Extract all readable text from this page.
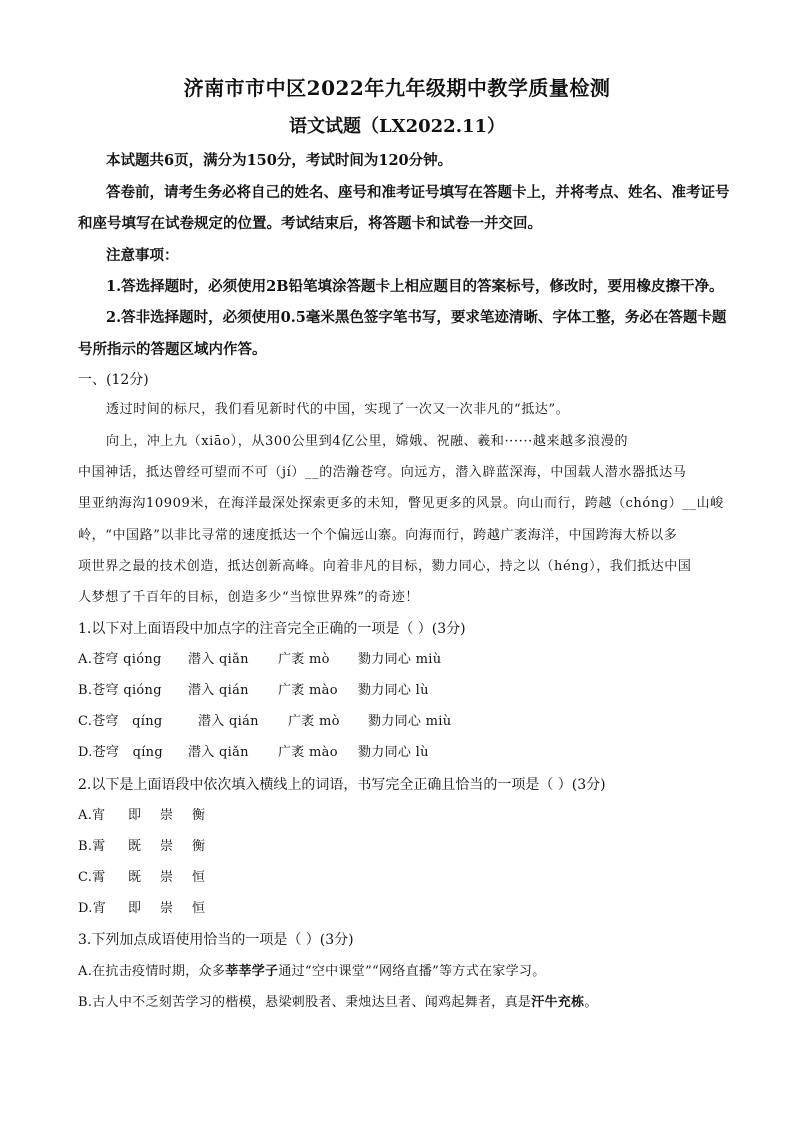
济南市市中区2022年九年级期中教学质量检测
语文试题（LX2022.11）
本试题共6页，满分为150分，考试时间为120分钟。
答卷前，请考生务必将自己的姓名、座号和准考证号填写在答题卡上，并将考点、姓名、准考证号
和座号填写在试卷规定的位置。考试结束后，将答题卡和试卷一并交回。
注意事项：
1.答选择题时，必须使用2B铅笔填涂答题卡上相应题目的答案标号，修改时，要用橡皮擦干净。
2.答非选择题时，必须使用0.5毫米黑色签字笔书写，要求笔迹清晰、字体工整，务必在答题卡题
号所指示的答题区域内作答。
一、(12分)
透过时间的标尺，我们看见新时代的中国，实现了一次又一次非凡的“抵达”。
向上，冲上九（xiāo），从300公里到4亿公里，嫦娥、祝融、羲和······越来越多浪漫的
中国神话，抵达曾经可望而不可（jí）__的浩瀚苍穹。向远方，潜入辟蓝深海，中国载人潜水器抵达马
里亚纳海沟10909米，在海洋最深处探索更多的未知，瞥见更多的风景。向山而行，跨越（chóng）__山峻
岭，“中国路”以非比寻常的速度抵达一个个偏远山寨。向海而行，跨越广袤海洋，中国跨海大桥以多
项世界之最的技术创造，抵达创新高峰。向着非凡的目标，勠力同心，持之以（héng），我们抵达中国
人梦想了千百年的目标，创造多少“当惊世界殊”的奇迹！
1.以下对上面语段中加点字的注音完全正确的一项是（ ）(3分)
A.苍穹 qióng 潜入 qiǎn 广袤 mò 勠力同心 miù
B.苍穹 qióng 潜入 qián 广袤 mào 勠力同心 lù
C.苍穹　qíng	潜入 qián 广袤 mò 勠力同心 miù
D.苍穹　qíng 潜入 qiǎn 广袤 mào 勠力同心 lù
2.以下是上面语段中依次填入横线上的词语，书写完全正确且恰当的一项是（ ）(3分)
A.宵 即 崇 衡
B.霄 既 崇 衡
C.霄 既 崇 恒
D.宵 即 崇 恒
3.下列加点成语使用恰当的一项是（ ）(3分)
A.在抗击疫情时期，众多莘莘学子通过“空中课堂”“网络直播”等方式在家学习。
B.古人中不乏刻苦学习的楷模，悬梁刺股者、秉烛达旦者、闻鸡起舞者，真是汗牛充栋。
